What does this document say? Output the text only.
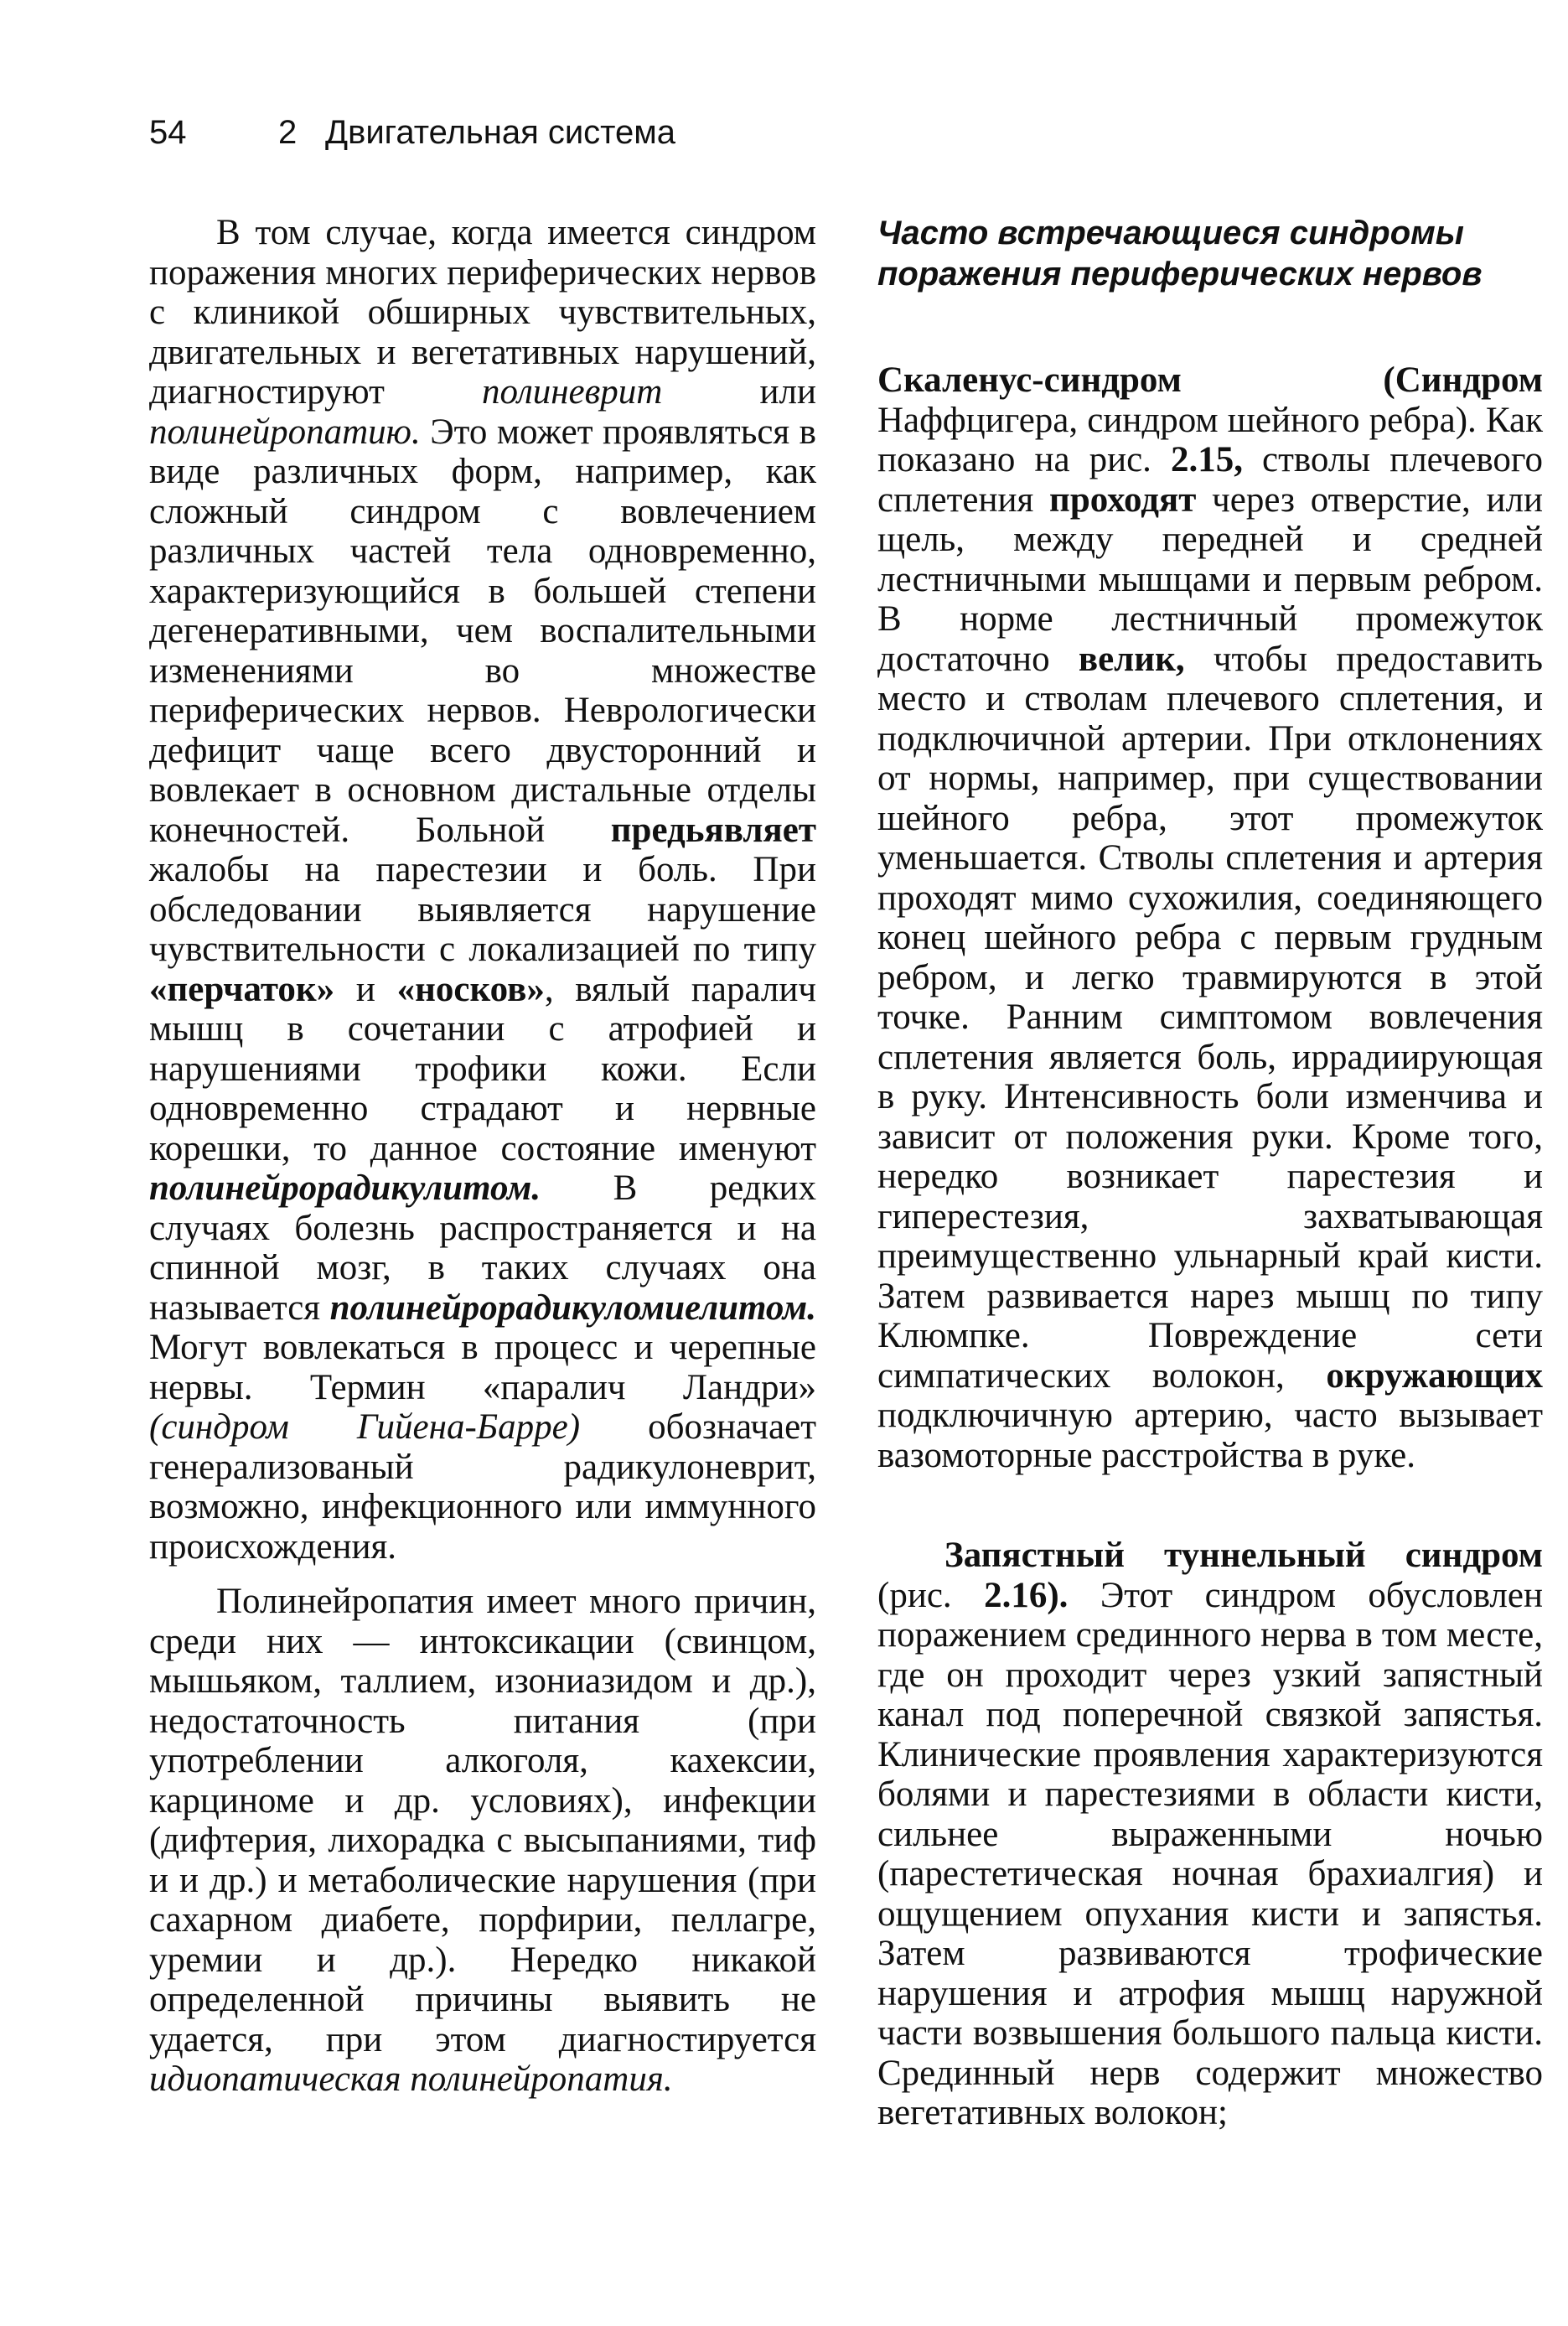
54	2 Двигательная система

В том случае, когда имеется синдром поражения многих периферических нервов с клиникой обширных чувствительных, двигательных и вегетативных нарушений, диагностируют полиневрит или полинейропатию. Это может проявляться в виде различных форм, например, как сложный синдром с вовлечением различных частей тела одновременно, характеризующийся в большей степени дегенеративными, чем воспалительными изменениями во множестве периферических нервов. Неврологически дефицит чаще всего двусторонний и вовлекает в основном дистальные отделы конечностей. Больной предьявляет жалобы на парестезии и боль. При обследовании выявляется нарушение чувствительности с локализацией по типу «перчаток» и «носков», вялый паралич мышц в сочетании с атрофией и нарушениями трофики кожи. Если одновременно страдают и нервные корешки, то данное состояние именуют полинейрорадикулитом. В редких случаях болезнь распространяется и на спинной мозг, в таких случаях она называется полинейрорадикуломиелитом. Могут вовлекаться в процесс и черепные нервы. Термин «паралич Ландри» (синдром Гийена-Барре) обозначает генерализованый радикулоневрит, возможно, инфекционного или иммунного происхождения.

Полинейропатия имеет много причин, среди них — интоксикации (свинцом, мышьяком, таллием, изониазидом и др.), недостаточность питания (при употреблении алкоголя, кахексии, карциноме и др. условиях), инфекции (дифтерия, лихорадка с высыпаниями, тиф и и др.) и метаболические нарушения (при сахарном диабете, порфирии, пеллагре, уремии и др.). Нередко никакой определенной причины выявить не удается, при этом диагностируется идиопатическая полинейропатия.

Часто встречающиеся синдромы поражения периферических нервов

Скаленус-синдром (Синдром Наффцигера, синдром шейного ребра). Как показано на рис. 2.15, стволы плечевого сплетения проходят через отверстие, или щель, между передней и средней лестничными мышцами и первым ребром. В норме лестничный промежуток достаточно велик, чтобы предоставить место и стволам плечевого сплетения, и подключичной артерии. При отклонениях от нормы, например, при существовании шейного ребра, этот промежуток уменьшается. Стволы сплетения и артерия проходят мимо сухожилия, соединяющего конец шейного ребра с первым грудным ребром, и легко травмируются в этой точке. Ранним симптомом вовлечения сплетения является боль, иррадиирующая в руку. Интенсивность боли изменчива и зависит от положения руки. Кроме того, нередко возникает парестезия и гиперестезия, захватывающая преимущественно ульнарный край кисти. Затем развивается нарез мышц по типу Клюмпке. Повреждение сети симпатических волокон, окружающих подключичную артерию, часто вызывает вазомоторные расстройства в руке.

Запястный туннельный синдром (рис. 2.16). Этот синдром обусловлен поражением срединного нерва в том месте, где он проходит через узкий запястный канал под поперечной связкой запястья. Клинические проявления характеризуются болями и парестезиями в области кисти, сильнее выраженными ночью (парестетическая ночная брахиалгия) и ощущением опухания кисти и запястья. Затем развиваются трофические нарушения и атрофия мышц наружной части возвышения большого пальца кисти. Срединный нерв содержит множество вегетативных волокон;
